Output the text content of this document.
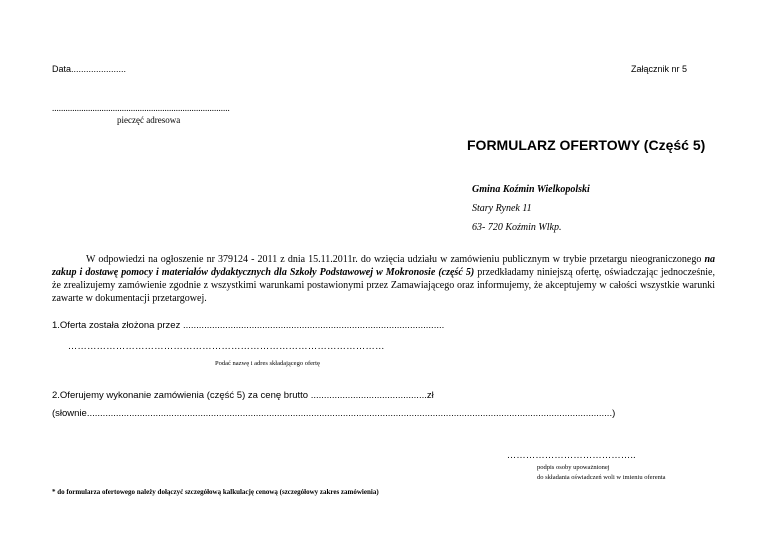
Data......................	Załącznik nr 5
...............................................................................
pieczęć adresowa
FORMULARZ OFERTOWY (Część 5)
Gmina Koźmin Wielkopolski
Stary Rynek 11
63- 720 Koźmin Wlkp.
W odpowiedzi na ogłoszenie nr 379124 - 2011 z dnia 15.11.2011r. do wzięcia udziału w zamówieniu publicznym w trybie przetargu nieograniczonego na zakup i dostawę pomocy i materiałów dydaktycznych dla Szkoły Podstawowej w Mokronosie (część 5) przedkładamy niniejszą ofertę, oświadczając jednocześnie, że zrealizujemy zamówienie zgodnie z wszystkimi warunkami postawionymi przez Zamawiającego oraz informujemy, że akceptujemy w całości wszystkie warunki zawarte w dokumentacji przetargowej.
1.Oferta została złożona przez ...................................................................................................
………………………………………………………………………………………
Podać nazwę i adres składającego ofertę
2.Oferujemy wykonanie zamówienia (część 5) za cenę brutto ............................................zł
(słownie.......................................................................................................................................................................................................)
…………………………………..
podpis osoby upoważnionej
do składania oświadczeń woli w imieniu oferenta
* do formularza ofertowego należy dołączyć szczegółową kalkulację cenową (szczegółowy zakres zamówienia)
